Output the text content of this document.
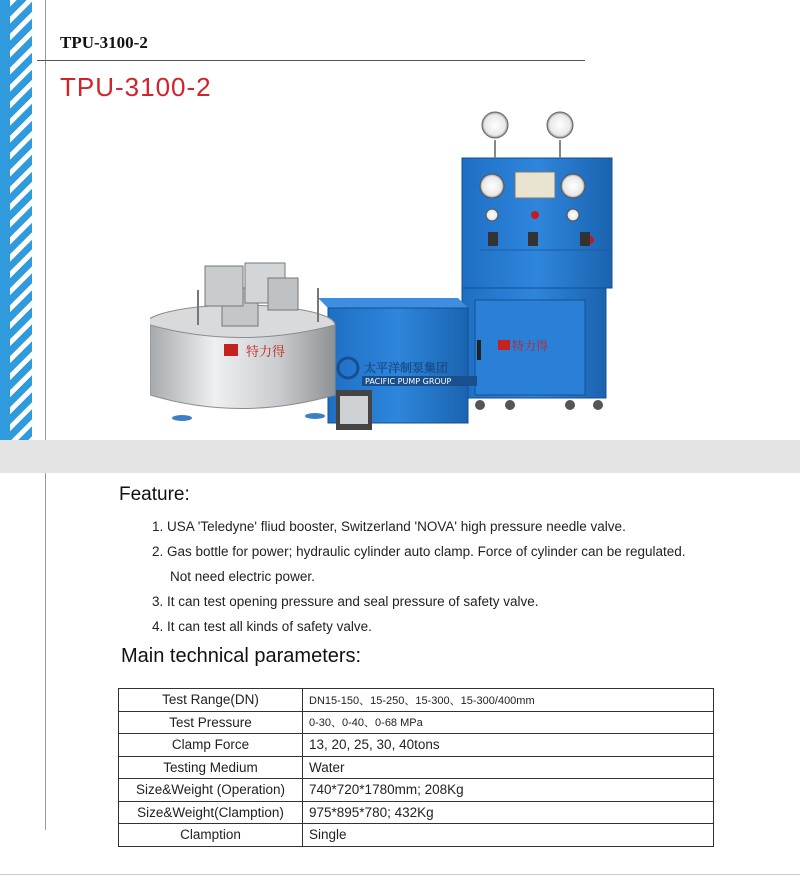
TPU-3100-2
TPU-3100-2
特力得	特力得
太平洋制泵集团
PACIFIC PUMP GROUP
Feature:
1. USA 'Teledyne' fliud booster, Switzerland 'NOVA' high pressure needle valve.
2. Gas bottle for power; hydraulic cylinder auto clamp. Force of cylinder can be regulated.
Not need electric power.
3. It can test opening pressure and seal pressure of safety valve.
4. It can test all kinds of safety valve.
Main technical parameters:
Test Range(DN)	DN15-150、15-250、15-300、15-300/400mm
Test Pressure	0-30、0-40、0-68 MPa
Clamp Force	13, 20, 25, 30, 40tons
Testing Medium	Water
Size&Weight (Operation)	740*720*1780mm; 208Kg
Size&Weight(Clamption)	975*895*780; 432Kg
Clamption	Single
